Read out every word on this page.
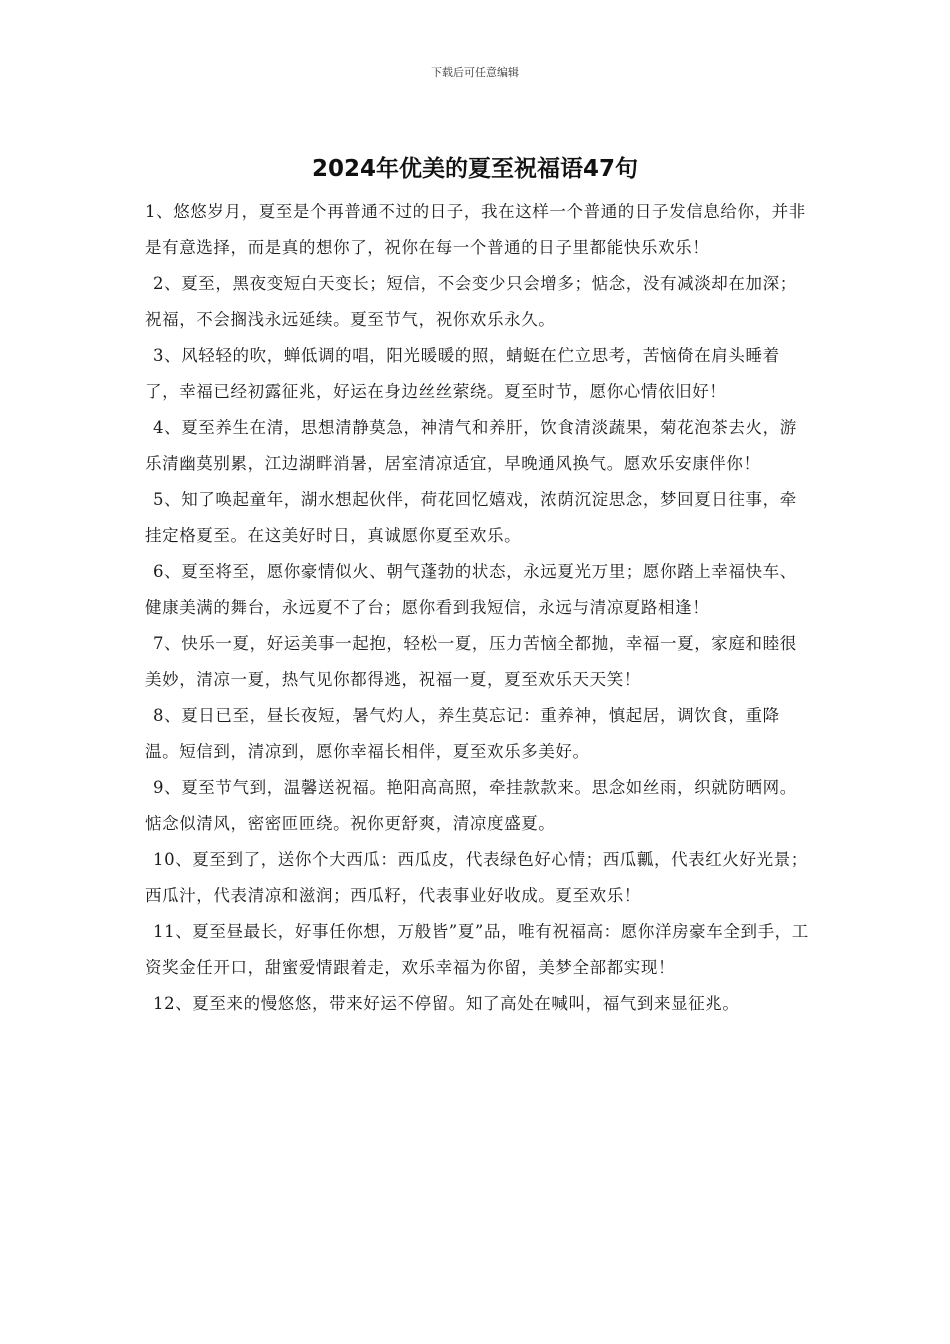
下载后可任意编辑
2024年优美的夏至祝福语47句

1、悠悠岁月，夏至是个再普通不过的日子，我在这样一个普通的日子发信息给你，并非是有意选择，而是真的想你了，祝你在每一个普通的日子里都能快乐欢乐！

2、夏至，黑夜变短白天变长；短信，不会变少只会增多；惦念，没有减淡却在加深；祝福，不会搁浅永远延续。夏至节气，祝你欢乐永久。

3、风轻轻的吹，蝉低调的唱，阳光暖暖的照，蜻蜓在伫立思考，苦恼倚在肩头睡着了，幸福已经初露征兆，好运在身边丝丝萦绕。夏至时节，愿你心情依旧好！

4、夏至养生在清，思想清静莫急，神清气和养肝，饮食清淡蔬果，菊花泡茶去火，游乐清幽莫别累，江边湖畔消暑，居室清凉适宜，早晚通风换气。愿欢乐安康伴你！

5、知了唤起童年，湖水想起伙伴，荷花回忆嬉戏，浓荫沉淀思念，梦回夏日往事，牵挂定格夏至。在这美好时日，真诚愿你夏至欢乐。

6、夏至将至，愿你豪情似火、朝气蓬勃的状态，永远夏光万里；愿你踏上幸福快车、健康美满的舞台，永远夏不了台；愿你看到我短信，永远与清凉夏路相逢！

7、快乐一夏，好运美事一起抱，轻松一夏，压力苦恼全都抛，幸福一夏，家庭和睦很美妙，清凉一夏，热气见你都得逃，祝福一夏，夏至欢乐天天笑！

8、夏日已至，昼长夜短，暑气灼人，养生莫忘记：重养神，慎起居，调饮食，重降温。短信到，清凉到，愿你幸福长相伴，夏至欢乐多美好。

9、夏至节气到，温馨送祝福。艳阳高高照，牵挂款款来。思念如丝雨，织就防晒网。惦念似清风，密密匝匝绕。祝你更舒爽，清凉度盛夏。

10、夏至到了，送你个大西瓜：西瓜皮，代表绿色好心情；西瓜瓤，代表红火好光景；西瓜汁，代表清凉和滋润；西瓜籽，代表事业好收成。夏至欢乐！

11、夏至昼最长，好事任你想，万般皆”夏”品，唯有祝福高：愿你洋房豪车全到手，工资奖金任开口，甜蜜爱情跟着走，欢乐幸福为你留，美梦全部都实现！

12、夏至来的慢悠悠，带来好运不停留。知了高处在喊叫，福气到来显征兆。
